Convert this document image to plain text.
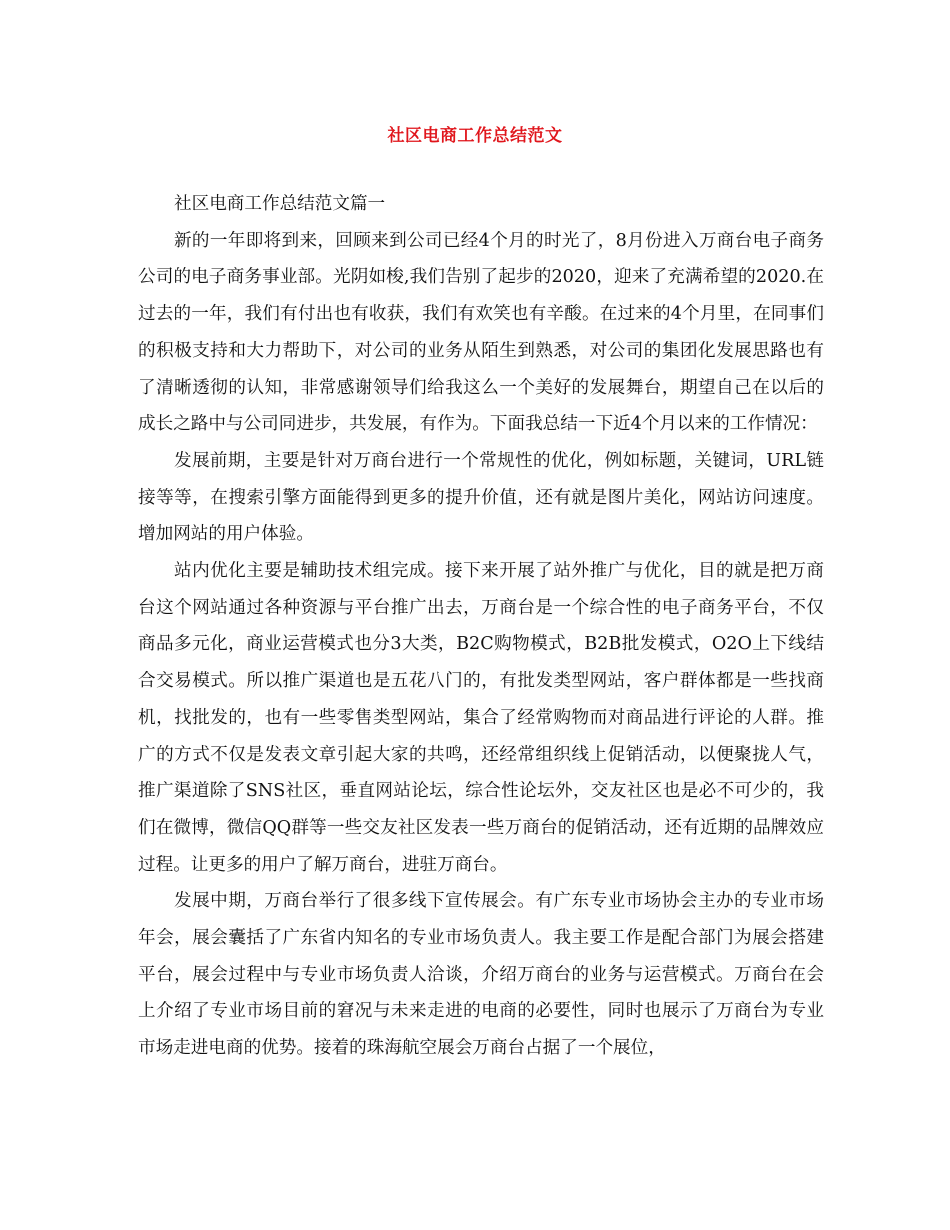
社区电商工作总结范文

社区电商工作总结范文篇一

新的一年即将到来，回顾来到公司已经4个月的时光了，8月份进入万商台电子商务公司的电子商务事业部。光阴如梭,我们告别了起步的2020，迎来了充满希望的2020.在过去的一年，我们有付出也有收获，我们有欢笑也有辛酸。在过来的4个月里，在同事们的积极支持和大力帮助下，对公司的业务从陌生到熟悉，对公司的集团化发展思路也有了清晰透彻的认知，非常感谢领导们给我这么一个美好的发展舞台，期望自己在以后的成长之路中与公司同进步，共发展，有作为。下面我总结一下近4个月以来的工作情况：

发展前期，主要是针对万商台进行一个常规性的优化，例如标题，关键词，URL链接等等，在搜索引擎方面能得到更多的提升价值，还有就是图片美化，网站访问速度。增加网站的用户体验。

站内优化主要是辅助技术组完成。接下来开展了站外推广与优化，目的就是把万商台这个网站通过各种资源与平台推广出去，万商台是一个综合性的电子商务平台，不仅商品多元化，商业运营模式也分3大类，B2C购物模式，B2B批发模式，O2O上下线结合交易模式。所以推广渠道也是五花八门的，有批发类型网站，客户群体都是一些找商机，找批发的，也有一些零售类型网站，集合了经常购物而对商品进行评论的人群。推广的方式不仅是发表文章引起大家的共鸣，还经常组织线上促销活动，以便聚拢人气，推广渠道除了SNS社区，垂直网站论坛，综合性论坛外，交友社区也是必不可少的，我们在微博，微信QQ群等一些交友社区发表一些万商台的促销活动，还有近期的品牌效应过程。让更多的用户了解万商台，进驻万商台。

发展中期，万商台举行了很多线下宣传展会。有广东专业市场协会主办的专业市场年会，展会囊括了广东省内知名的专业市场负责人。我主要工作是配合部门为展会搭建平台，展会过程中与专业市场负责人洽谈，介绍万商台的业务与运营模式。万商台在会上介绍了专业市场目前的窘况与未来走进的电商的必要性，同时也展示了万商台为专业市场走进电商的优势。接着的珠海航空展会万商台占据了一个展位，
